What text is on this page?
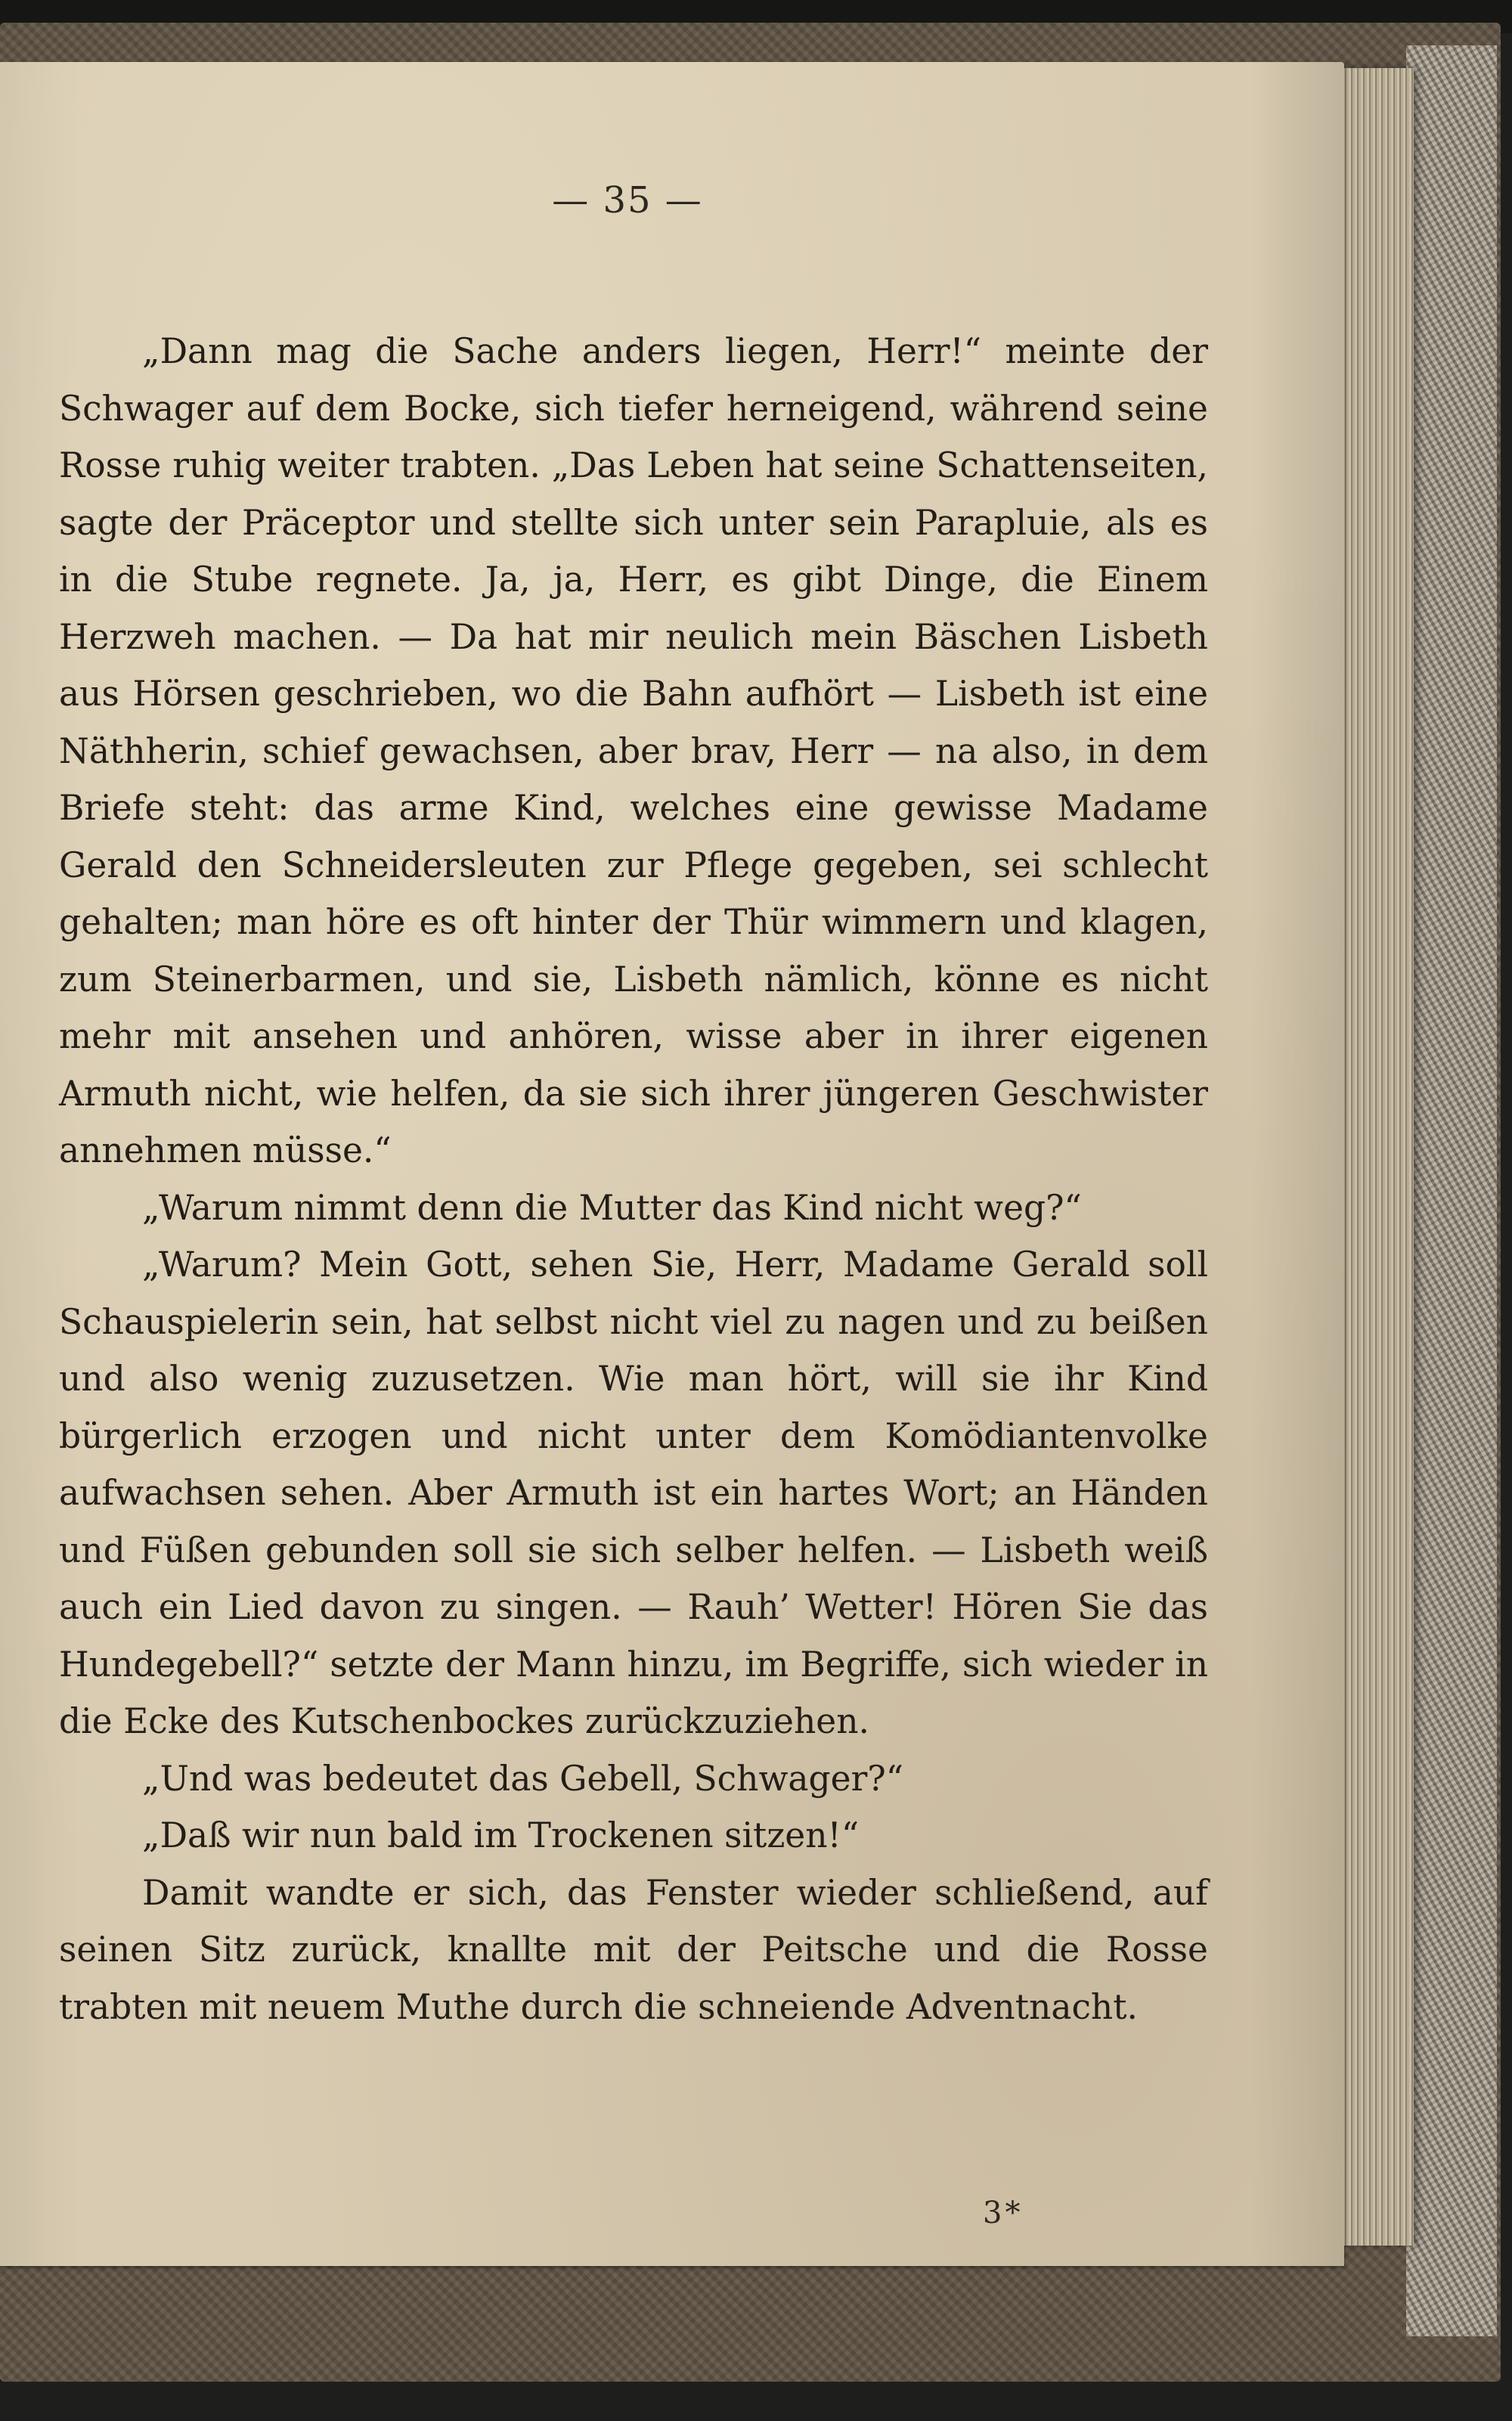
— 35 —

„Dann mag die Sache anders liegen, Herr!“ meinte der Schwager auf dem Bocke, sich tiefer herneigend, während seine Rosse ruhig weiter trabten. „Das Leben hat seine Schattenseiten, sagte der Präceptor und stellte sich unter sein Parapluie, als es in die Stube regnete. Ja, ja, Herr, es gibt Dinge, die Einem Herzweh machen. — Da hat mir neulich mein Bäschen Lisbeth aus Hörsen geschrieben, wo die Bahn aufhört — Lisbeth ist eine Näthherin, schief gewachsen, aber brav, Herr — na also, in dem Briefe steht: das arme Kind, welches eine gewisse Madame Gerald den Schneidersleuten zur Pflege gegeben, sei schlecht gehalten; man höre es oft hinter der Thür wimmern und klagen, zum Steinerbarmen, und sie, Lisbeth nämlich, könne es nicht mehr mit ansehen und anhören, wisse aber in ihrer eigenen Armuth nicht, wie helfen, da sie sich ihrer jüngeren Geschwister annehmen müsse.“

„Warum nimmt denn die Mutter das Kind nicht weg?“

„Warum? Mein Gott, sehen Sie, Herr, Madame Gerald soll Schauspielerin sein, hat selbst nicht viel zu nagen und zu beißen und also wenig zuzusetzen. Wie man hört, will sie ihr Kind bürgerlich erzogen und nicht unter dem Komödiantenvolke aufwachsen sehen. Aber Armuth ist ein hartes Wort; an Händen und Füßen gebunden soll sie sich selber helfen. — Lisbeth weiß auch ein Lied davon zu singen. — Rauh’ Wetter! Hören Sie das Hundegebell?“ setzte der Mann hinzu, im Begriffe, sich wieder in die Ecke des Kutschenbockes zurückzuziehen.

„Und was bedeutet das Gebell, Schwager?“

„Daß wir nun bald im Trockenen sitzen!“

Damit wandte er sich, das Fenster wieder schließend, auf seinen Sitz zurück, knallte mit der Peitsche und die Rosse trabten mit neuem Muthe durch die schneiende Adventnacht.

3*
